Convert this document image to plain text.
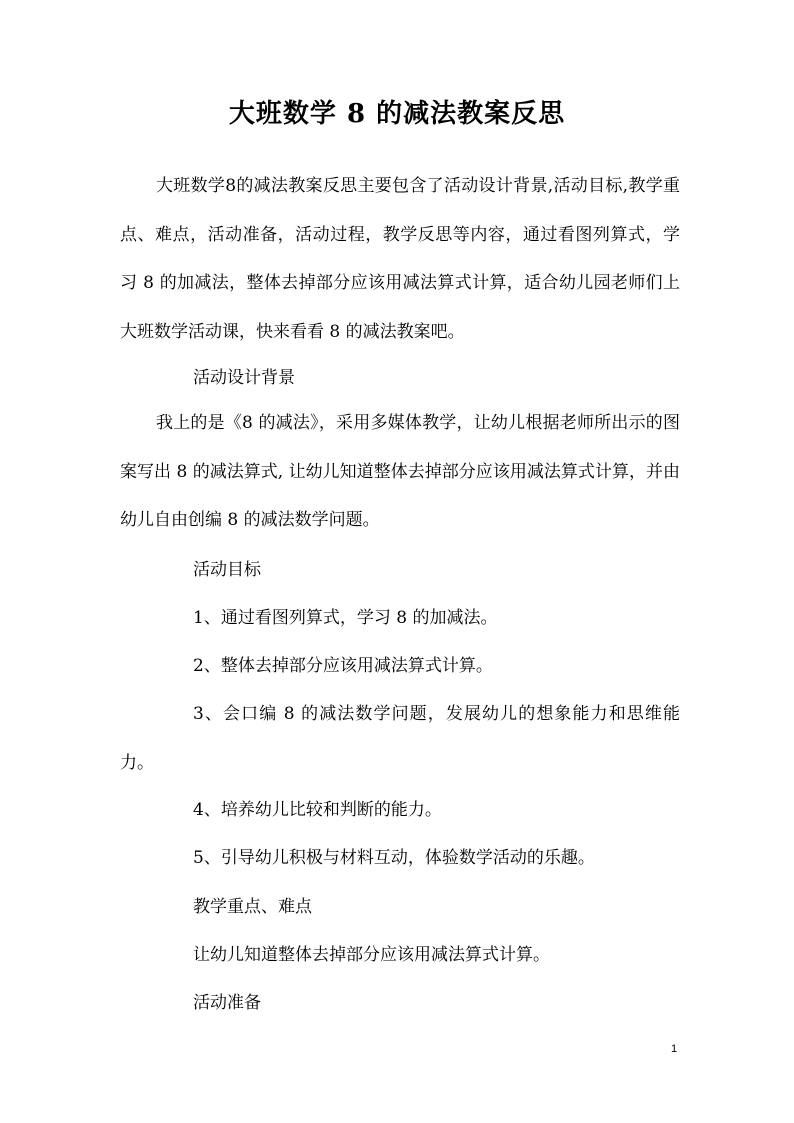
大班数学 8 的减法教案反思

大班数学8的减法教案反思主要包含了活动设计背景,活动目标,教学重点、难点，活动准备，活动过程，教学反思等内容，通过看图列算式，学习 8 的加减法，整体去掉部分应该用减法算式计算，适合幼儿园老师们上大班数学活动课，快来看看 8 的减法教案吧。

活动设计背景

我上的是《8 的减法》，采用多媒体教学，让幼儿根据老师所出示的图案写出 8 的减法算式, 让幼儿知道整体去掉部分应该用减法算式计算，并由幼儿自由创编 8 的减法数学问题。

活动目标

1、通过看图列算式，学习 8 的加减法。

2、整体去掉部分应该用减法算式计算。

3、会口编 8 的减法数学问题，发展幼儿的想象能力和思维能力。

4、培养幼儿比较和判断的能力。

5、引导幼儿积极与材料互动，体验数学活动的乐趣。

教学重点、难点

让幼儿知道整体去掉部分应该用减法算式计算。

活动准备

1
